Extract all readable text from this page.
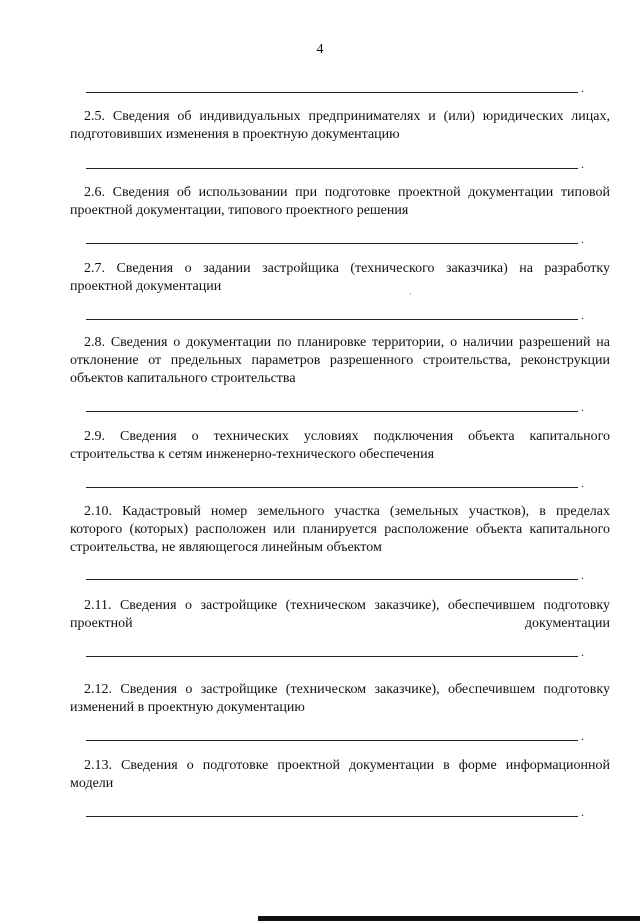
4
.
.
.
.
.
.
.
.
.
.
2.5. Сведения об индивидуальных предпринимателях и (или) юридических лицах, подготовивших изменения в проектную документацию
2.6. Сведения об использовании при подготовке проектной документации типовой проектной документации, типового проектного решения
2.7. Сведения о задании застройщика (технического заказчика) на разработку проектной документации
2.8. Сведения о документации по планировке территории, о наличии разрешений на отклонение от предельных параметров разрешенного строительства, реконструкции объектов капитального строительства
2.9. Сведения о технических условиях подключения объекта капитального строительства к сетям инженерно-технического обеспечения
2.10. Кадастровый номер земельного участка (земельных участков), в пределах которого (которых) расположен или планируется расположение объекта капитального строительства, не являющегося линейным объектом
2.11. Сведения о застройщике (техническом заказчике), обеспечившем подготовку проектной документации
2.12. Сведения о застройщике (техническом заказчике), обеспечившем подготовку изменений в проектную документацию
2.13. Сведения о подготовке проектной документации в форме информационной модели
·
